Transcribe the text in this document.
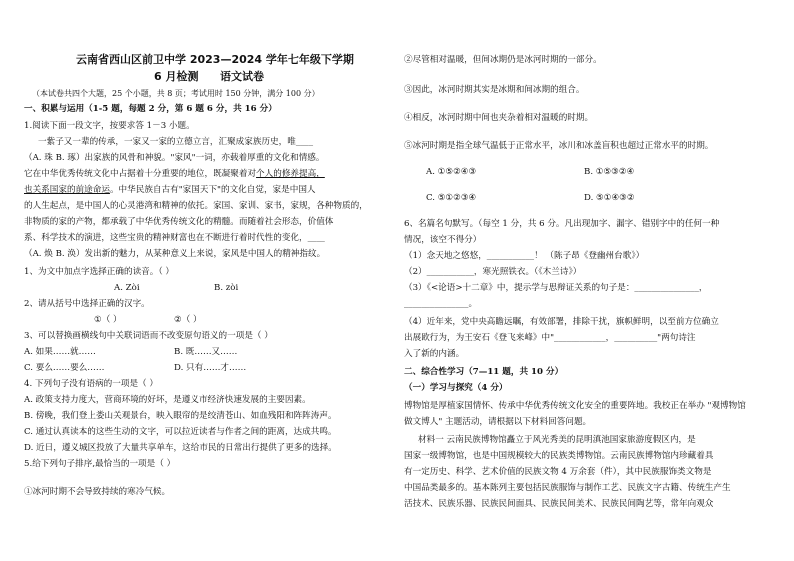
云南省西山区前卫中学 2023—2024 学年七年级下学期
6 月检测 语文试卷
（本试卷共四个大题，25 个小题，共 8 页；考试用时 150 分钟，满分 100 分）
一、积累与运用（1-5 题，每题 2 分，第 6 题 6 分，共 16 分）
1.阅读下面一段文字，按要求答 1－3 小题。
一紫子又一辈的传承，一家又一家的立德立言，汇聚成家族历史，唯____
（A. 珠 B. 琢）出家族的风骨和神貌。"家风"一词，亦载着厚重的文化和情感。
它在中华优秀传统文化中占据着十分重要的地位，既凝聚着对个人的修养提高，
也关系国家的前途命运。中华民族自古有"家国天下"的文化自觉，家是中国人
的人生起点，是中国人的心灵港湾和精神的依托。家国、家训、家书，家规，各种物质的，
非物质的家的产物，都承载了中华优秀传统文化的精髓。而随着社会形态，价值体
系、科学技术的演进，这些宝贵的精神财富也在不断进行着时代性的变化，____
（A. 焕 B. 涣）发出新的魅力，从某种意义上来说，家风是中国人的精神指纹。
1、为文中加点字选择正确的读音。（ ）
A. Zòi	B. zòi
2、请从括号中选择正确的汉字。
①（ ）	②（ ）
3、可以替换画横线句中关联词语而不改变原句语义的一项是（ ）
A. 如果……就……	B. 既……又……
C. 要么……要么……	D. 只有……才……
4. 下列句子没有语病的一项是（ ）
A. 政策支持力度大，营商环境的好坏，是遵义市经济快速发展的主要因素。
B. 傍晚，我们登上娄山关观景台，映入眼帘的是绞清苍山、如血残阳和阵阵涛声。
C. 通过认真读本的这些生动的文字，可以拉近读者与作者之间的距离，达成共鸣。
D. 近日，遵义城区投放了大量共享单车，这给市民的日常出行提供了更多的选择。
5.给下列句子排序,最恰当的一项是（ ）
①冰河时期不会导致持续的寒冷气候。
②尽管相对温暖，但间冰期仍是冰河时期的一部分。
③因此，冰河时期其实是冰期和间冰期的组合。
④相反，冰河时期中间也夹杂着相对温暖的时期。
⑤冰河时期是指全球气温低于正常水平，冰川和冰盖盲积也超过正常水平的时期。
A. ①⑤②④③	B. ①⑤③②④
C. ⑤①②③④	D. ⑤①④③②
6、名篇名句默写。（每空 1 分，共 6 分。凡出现加字、漏字、错别字中的任何一种
情况，该空不得分）
（1）念天地之悠悠，___________！ （陈子昂《登幽州台歌》）
（2）___________，寒光照铁衣。（《木兰诗》）
（3）《<论语>十二章》中，提示学与思辩证关系的句子是：_______________，
_______________。
（4）近年来，党中央高瞻远瞩，有效部署，排除干扰，旗帜鲜明，以至前方位确立
出展欧行为，为王安石《登飞来峰》中"____________，__________"两句诗注
入了新的内涵。
二、综合性学习（7—11 题，共 10 分）
（一）学习与探究（4 分）
博物馆是厚植家国情怀、传承中华优秀传统文化安全的重要阵地。我校正在举办 "观博物馆
做文博人" 主题活动，请根据以下材料回答问题。
材料一 云南民族博物馆矗立于风光秀美的昆明滇池国家旅游度假区内，是
国家一级博物馆，也是中国规模较大的民族类博物馆。云南民族博物馆内珍藏着具
有一定历史、科学、艺术价值的民族文物 4 万余套（件），其中民族服饰类文物是
中国品类最多的。基本陈列主要包括民族服饰与制作工艺、民族文字古籍、传统生产生
活技术、民族乐器、民族民间面具、民族民间美术、民族民间陶艺等，常年向观众
